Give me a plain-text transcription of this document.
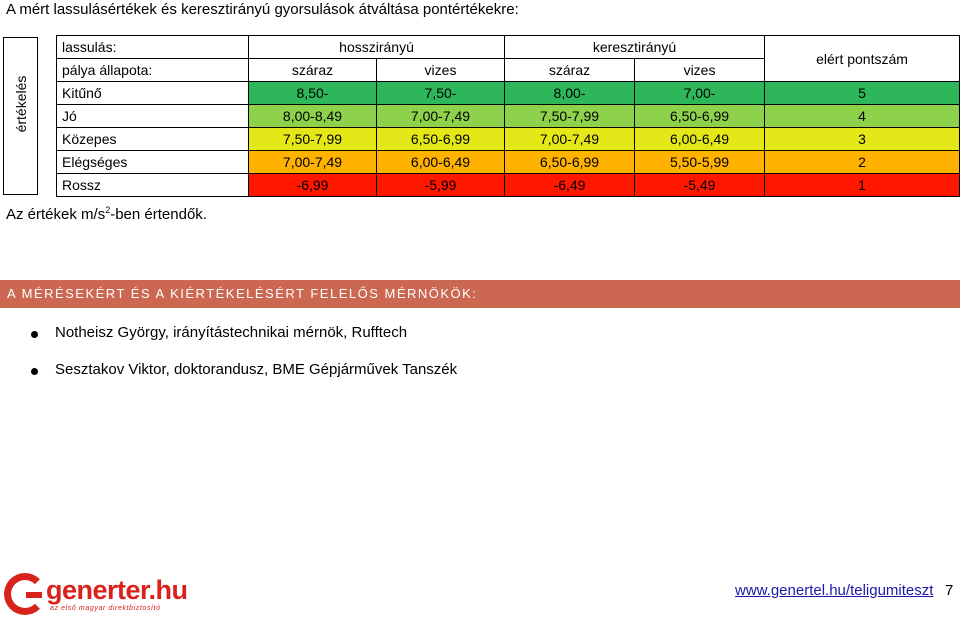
A mért lassulásértékek és keresztirányú gyorsulások átváltása pontértékekre:
értékelés
lassulás:	hosszirányú		keresztirányú		elért pontszám
pálya állapota:	száraz	vizes	száraz	vizes	
Kitűnő	8,50-	7,50-	8,00-	7,00-	5
Jó	8,00-8,49	7,00-7,49	7,50-7,99	6,50-6,99	4
Közepes	7,50-7,99	6,50-6,99	7,00-7,49	6,00-6,49	3
Elégséges	7,00-7,49	6,00-6,49	6,50-6,99	5,50-5,99	2
Rossz	-6,99	-5,99	-6,49	-5,49	1
Az értékek $m/s^2$-ben értendők.
A MÉRÉSEKÉRT ÉS A KIÉRTÉKELÉSÉRT FELELŐS MÉRNÖKÖK:
Notheisz György, irányítástechnikai mérnök, Rufftech
Sesztakov Viktor, doktorandusz, BME Gépjárművek Tanszék
generter.hu
az első magyar direktbiztosító
www.genertel.hu/teligumiteszt 7
